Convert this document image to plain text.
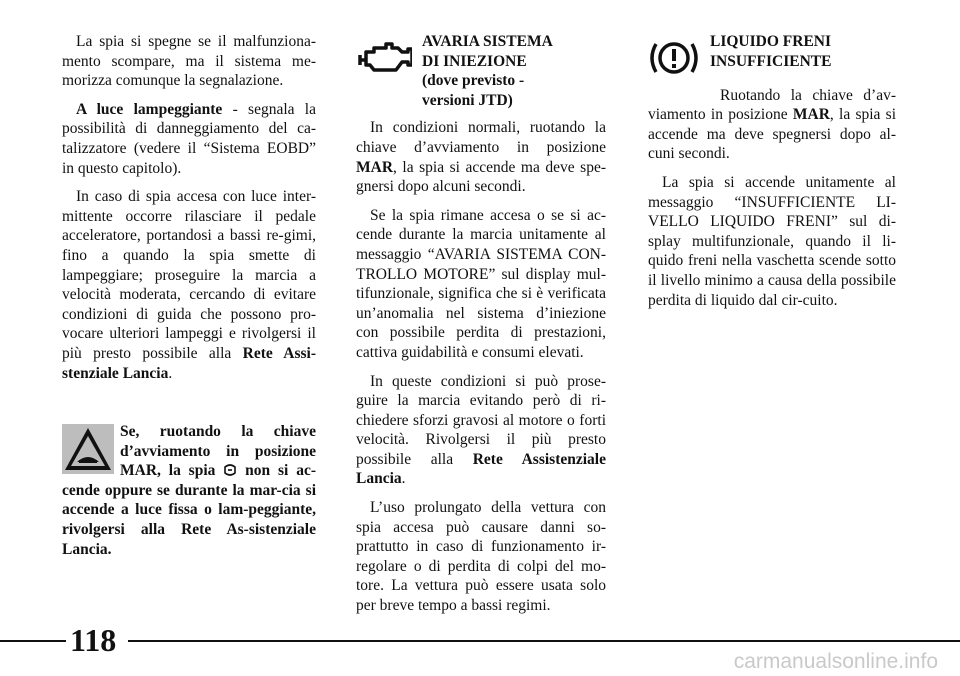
La spia si spegne se il malfunziona-mento scompare, ma il sistema me-morizza comunque la segnalazione.

A luce lampeggiante - segnala la possibilità di danneggiamento del ca-talizzatore (vedere il “Sistema EOBD” in questo capitolo).

In caso di spia accesa con luce inter-mittente occorre rilasciare il pedale acceleratore, portandosi a bassi re-gimi, fino a quando la spia smette di lampeggiare; proseguire la marcia a velocità moderata, cercando di evitare condizioni di guida che possono pro-vocare ulteriori lampeggi e rivolgersi il più presto possibile alla Rete Assi-stenziale Lancia.

Se, ruotando la chiave d’avviamento in posizione MAR, la spia  non si ac-cende oppure se durante la mar-cia si accende a luce fissa o lam-peggiante, rivolgersi alla Rete As-sistenziale Lancia.
AVARIA SISTEMA
DI INIEZIONE
(dove previsto -
versioni JTD)

In condizioni normali, ruotando la chiave d’avviamento in posizione MAR, la spia si accende ma deve spe-gnersi dopo alcuni secondi.

Se la spia rimane accesa o se si ac-cende durante la marcia unitamente al messaggio “AVARIA SISTEMA CON-TROLLO MOTORE” sul display mul-tifunzionale, significa che si è verificata un’anomalia nel sistema d’iniezione con possibile perdita di prestazioni, cattiva guidabilità e consumi elevati.

In queste condizioni si può prose-guire la marcia evitando però di ri-chiedere sforzi gravosi al motore o forti velocità. Rivolgersi il più presto possibile alla Rete Assistenziale Lancia.

L’uso prolungato della vettura con spia accesa può causare danni so-prattutto in caso di funzionamento ir-regolare o di perdita di colpi del mo-tore. La vettura può essere usata solo per breve tempo a bassi regimi.

LIQUIDO FRENI
INSUFFICIENTE

Ruotando la chiave d’av-viamento in posizione MAR, la spia si accende ma deve spegnersi dopo al-cuni secondi.

La spia si accende unitamente al messaggio “INSUFFICIENTE LI-VELLO LIQUIDO FRENI” sul di-splay multifunzionale, quando il li-quido freni nella vaschetta scende sotto il livello minimo a causa della possibile perdita di liquido dal cir-cuito.

118
carmanualsonline.info
